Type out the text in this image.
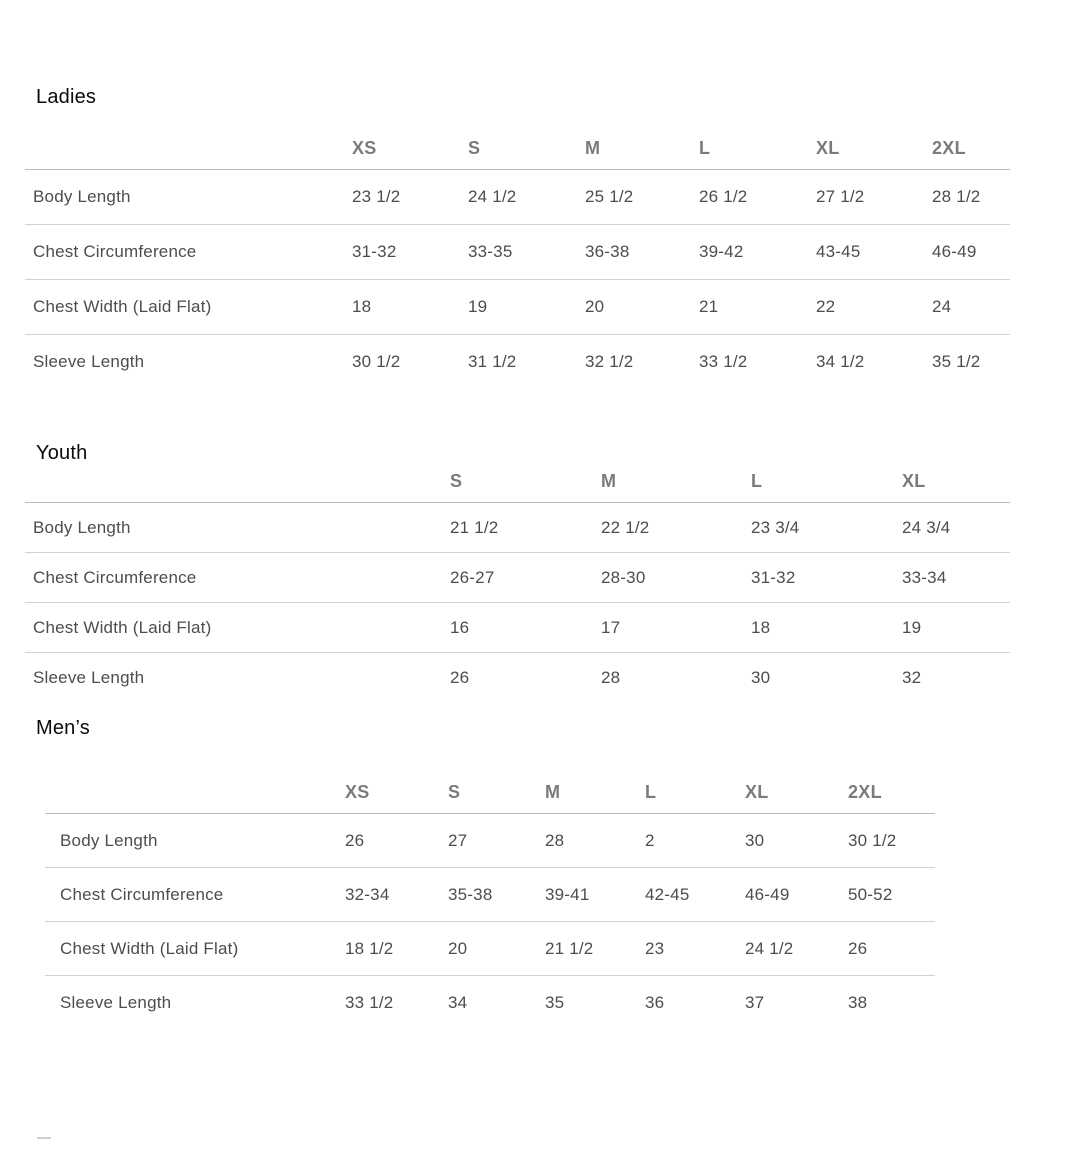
Ladies
	XS	S	M	L	XL	2XL
Body Length	23 1/2	24 1/2	25 1/2	26 1/2	27 1/2	28 1/2
Chest Circumference	31-32	33-35	36-38	39-42	43-45	46-49
Chest Width (Laid Flat)	18	19	20	21	22	24
Sleeve Length	30 1/2	31 1/2	32 1/2	33 1/2	34 1/2	35 1/2
Youth
	S	M	L	XL
Body Length	21 1/2	22 1/2	23 3/4	24 3/4
Chest Circumference	26-27	28-30	31-32	33-34
Chest Width (Laid Flat)	16	17	18	19
Sleeve Length	26	28	30	32
Men’s
	XS	S	M	L	XL	2XL
Body Length	26	27	28	2	30	30 1/2
Chest Circumference	32-34	35-38	39-41	42-45	46-49	50-52
Chest Width (Laid Flat)	18 1/2	20	21 1/2	23	24 1/2	26
Sleeve Length	33 1/2	34	35	36	37	38
